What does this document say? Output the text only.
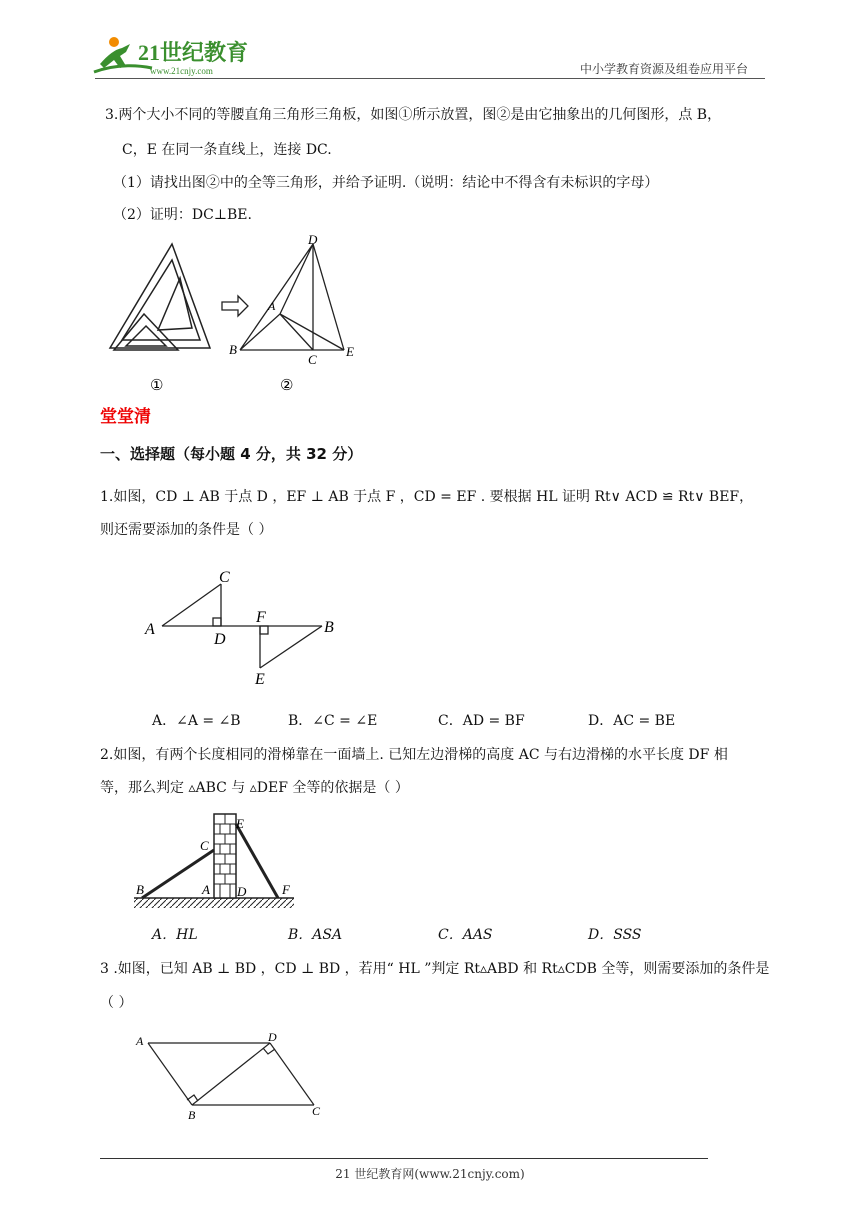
21世纪教育
www.21cnjy.com	中小学教育资源及组卷应用平台
3.两个大小不同的等腰直角三角形三角板，如图①所示放置，图②是由它抽象出的几何图形，点 B，
C，E 在同一条直线上，连接 DC.
（1）请找出图②中的全等三角形，并给予证明.（说明：结论中不得含有未标识的字母）
（2）证明：DC⊥BE.
D
A
B
C
E
①	②
堂堂清
一、选择题（每小题 4 分，共 32 分）
1.如图，CD ⊥ AB 于点 D ，EF ⊥ AB 于点 F ，CD = EF . 要根据 HL 证明 Rt∨ ACD ≌ Rt∨ BEF，
则还需要添加的条件是（ ）
C
A
D
F
B
E
A．∠A = ∠B	B．∠C = ∠E	C．AD = BF	D．AC = BE
2.如图，有两个长度相同的滑梯靠在一面墙上. 已知左边滑梯的高度 AC 与右边滑梯的水平长度 DF 相
等，那么判定 ▵ABC 与 ▵DEF 全等的依据是（ ）
E
C
B	A D	F
A．HL	B．ASA	C．AAS	D．SSS
3 .如图，已知 AB ⊥ BD ，CD ⊥ BD ，若用“ HL ”判定 Rt▵ABD 和 Rt▵CDB 全等，则需要添加的条件是
（ ）
A	D
B	C
21 世纪教育网(www.21cnjy.com)
